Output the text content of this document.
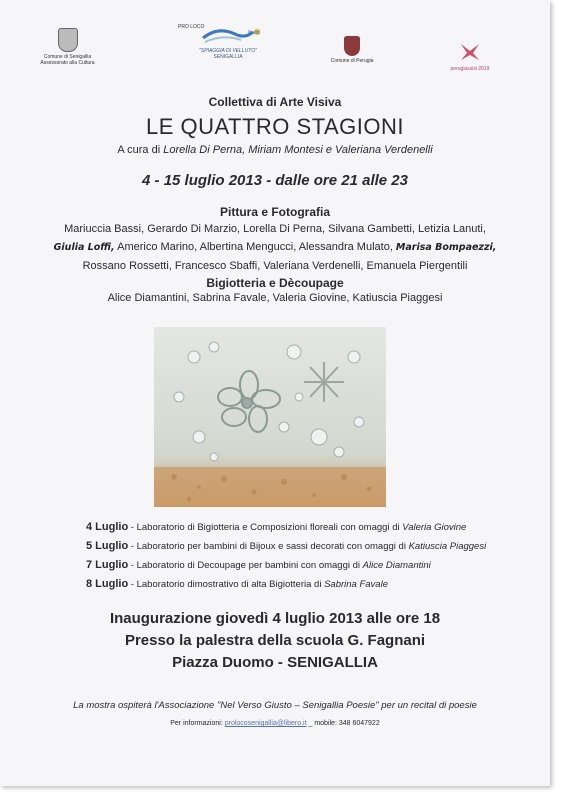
Comune di Senigallia
Assessorato alla Cultura
PRO LOCO
libero
"SPIAGGIA DI VELLUTO"
SENIGALLIA
Comune di Perugia
perugiassisi 2019
Collettiva di Arte Visiva
LE QUATTRO STAGIONI
A cura di Lorella Di Perna, Miriam Montesi e Valeriana Verdenelli
4 - 15 luglio 2013 - dalle ore 21 alle 23
Pittura e Fotografia
Mariuccia Bassi, Gerardo Di Marzio, Lorella Di Perna, Silvana Gambetti, Letizia Lanuti,
Giulia Loffi, Americo Marino, Albertina Mengucci, Alessandra Mulato, Marisa Bompaezzi,
Rossano Rossetti, Francesco Sbaffi, Valeriana Verdenelli, Emanuela Piergentili
Bigiotteria e Dècoupage
Alice Diamantini, Sabrina Favale, Valeria Giovine, Katiuscia Piaggesi
4 Luglio - Laboratorio di Bigiotteria e Composizioni floreali con omaggi di Valeria Giovine
5 Luglio - Laboratorio per bambini di Bijoux e sassi decorati con omaggi di Katiuscia Piaggesi
7 Luglio - Laboratorio di Decoupage per bambini con omaggi di Alice Diamantini
8 Luglio - Laboratorio dimostrativo di alta Bigiotteria di Sabrina Favale
Inaugurazione giovedì 4 luglio 2013 alle ore 18
Presso la palestra della scuola G. Fagnani
Piazza Duomo - SENIGALLIA
La mostra ospiterà l'Associazione "Nel Verso Giusto – Senigallia Poesie" per un recital di poesie
Per informazioni: prolocosenigallia@libero.it _ mobile: 348 6047922
